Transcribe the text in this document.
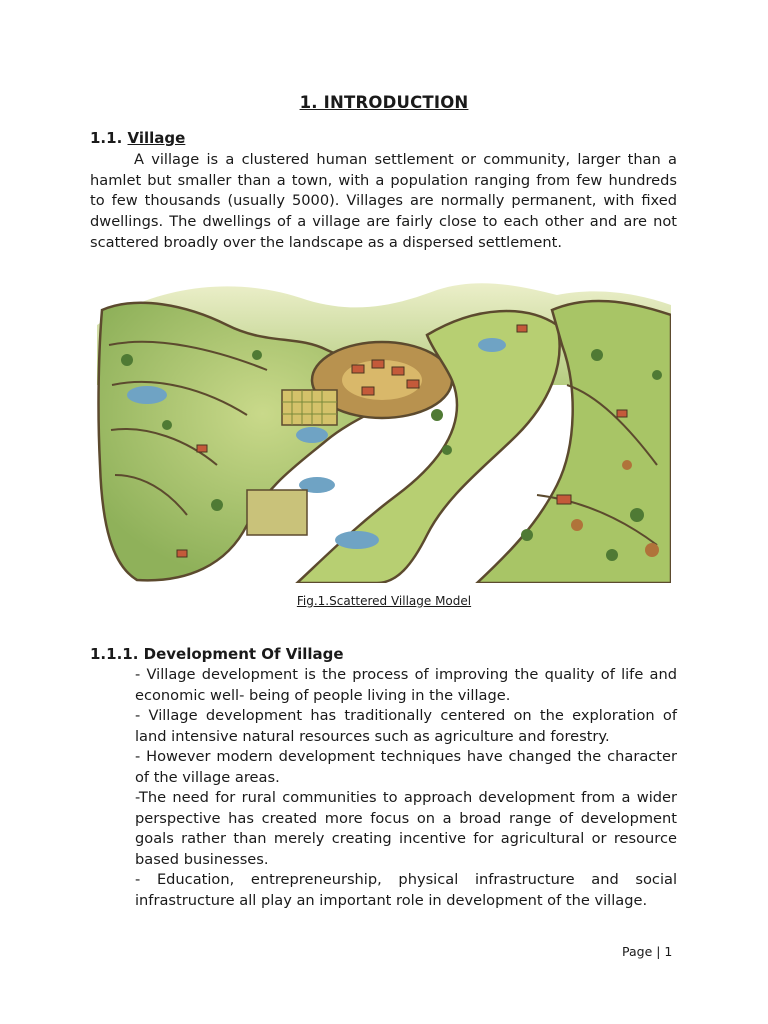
1. INTRODUCTION
1.1. Village

A village is a clustered human settlement or community, larger than a hamlet but smaller than a town, with a population ranging from few hundreds to few thousands (usually 5000). Villages are normally permanent, with fixed dwellings. The dwellings of a village are fairly close to each other and are not scattered broadly over the landscape as a dispersed settlement.

Fig.1.Scattered Village Model
1.1.1. Development Of Village

- Village development is the process of improving the quality of life and economic well- being of people living in the village.

- Village development has traditionally centered on the exploration of land intensive natural resources such as agriculture and forestry.

- However modern development techniques have changed the character of the village areas.

-The need for rural communities to approach development from a wider perspective has created more focus on a broad range of development goals rather than merely creating incentive for agricultural or resource based businesses.

- Education, entrepreneurship, physical infrastructure and social infrastructure all play an important role in development of the village.

Page | 1
